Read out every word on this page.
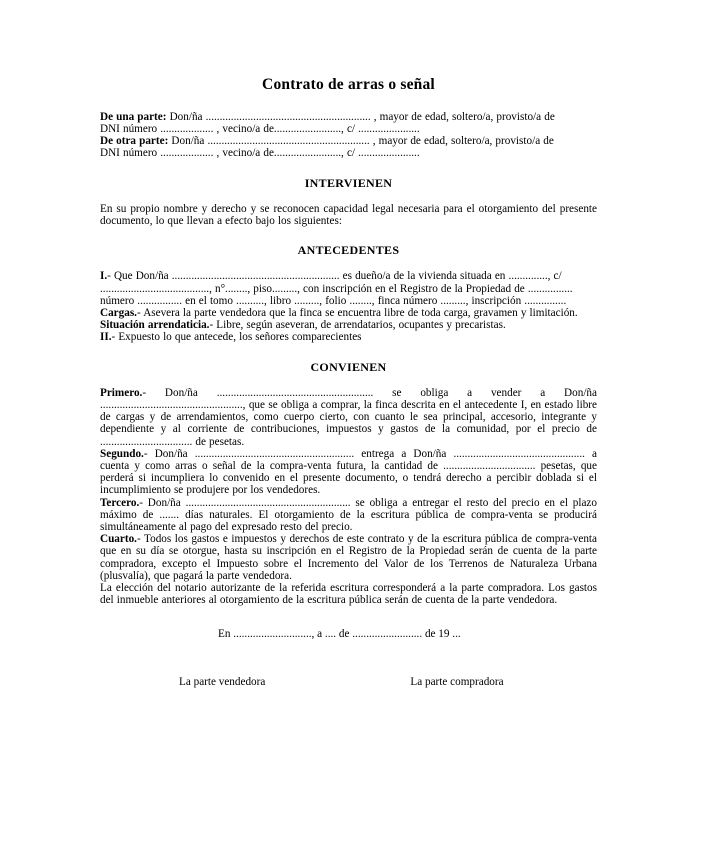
Contrato de arras o señal

De una parte: Don/ña ........................................................... , mayor de edad, soltero/a, provisto/a de
DNI número ................... , vecino/a de........................, c/ ......................
De otra parte: Don/ña .......................................................... , mayor de edad, soltero/a, provisto/a de
DNI número ................... , vecino/a de........................, c/ ......................

INTERVIENEN

En su propio nombre y derecho y se reconocen capacidad legal necesaria para el otorgamiento del presente documento, lo que llevan a efecto bajo los siguientes:

ANTECEDENTES

I.- Que Don/ña ............................................................ es dueño/a de la vivienda situada en .............., c/ ......................................., n°........, piso........., con inscripción en el Registro de la Propiedad de ................ número ................ en el tomo .........., libro ........., folio ........, finca número ........., inscripción ...............

Cargas.- Asevera la parte vendedora que la finca se encuentra libre de toda carga, gravamen y limitación.

Situación arrendaticia.- Libre, según aseveran, de arrendatarios, ocupantes y precaristas.

II.- Expuesto lo que antecede, los señores comparecientes

CONVIENEN

Primero.- Don/ña ........................................................ se obliga a vender a Don/ña ..................................................., que se obliga a comprar, la finca descrita en el antecedente I, en estado libre de cargas y de arrendamientos, como cuerpo cierto, con cuanto le sea principal, accesorio, integrante y dependiente y al corriente de contribuciones, impuestos y gastos de la comunidad, por el precio de ................................. de pesetas.

Segundo.- Don/ña ......................................................... entrega a Don/ña ............................................... a cuenta y como arras o señal de la compra-venta futura, la cantidad de ................................. pesetas, que perderá si incumpliera lo convenido en el presente documento, o tendrá derecho a percibir doblada si el incumplimiento se produjere por los vendedores.

Tercero.- Don/ña ........................................................... se obliga a entregar el resto del precio en el plazo máximo de ....... días naturales. El otorgamiento de la escritura pública de compra-venta se producirá simultáneamente al pago del expresado resto del precio.

Cuarto.- Todos los gastos e impuestos y derechos de este contrato y de la escritura pública de compra-venta que en su día se otorgue, hasta su inscripción en el Registro de la Propiedad serán de cuenta de la parte compradora, excepto el Impuesto sobre el Incremento del Valor de los Terrenos de Naturaleza Urbana (plusvalía), que pagará la parte vendedora.

La elección del notario autorizante de la referida escritura corresponderá a la parte compradora. Los gastos del inmueble anteriores al otorgamiento de la escritura pública serán de cuenta de la parte vendedora.

En ............................, a .... de ......................... de 19 ...

La parte vendedora	La parte compradora
